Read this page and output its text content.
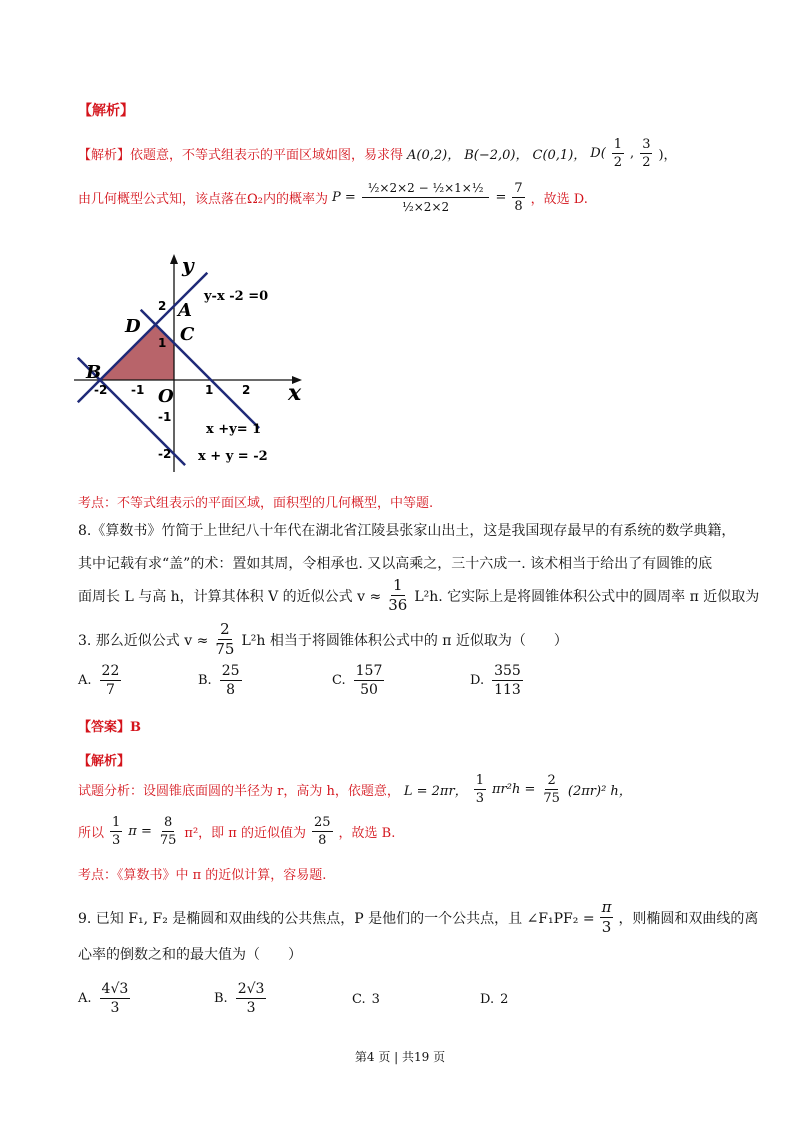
【解析】
【解析】依题意，不等式组表示的平面区域如图，易求得 A(0,2)， B(−2,0)， C(0,1)， $D( \frac{1}{2}$ , $\frac{3}{2}$ )，
由几何概型公式知，该点落在Ω₂内的概率为 $P = \frac{\text{½×2×2 − ½×1×½}}{\text{½×2×2}} = \frac{7}{8}$ ，故选 D.
y
x
B
D
A
C
O
-2 -1	1 2
2
1
-1
-2
y-x -2 =0
x +y= 1
x + y = -2
考点：不等式组表示的平面区域，面积型的几何概型，中等题.
8.《算数书》竹简于上世纪八十年代在湖北省江陵县张家山出土，这是我国现存最早的有系统的数学典籍，
其中记载有求“盖”的术：置如其周，令相承也. 又以高乘之，三十六成一. 该术相当于给出了有圆锥的底
面周长 L 与高 h，计算其体积 V 的近似公式 $v \approx \frac{1}{36} L^2h$. 它实际上是将圆锥体积公式中的圆周率 π 近似取为
3. 那么近似公式 $v \approx \frac{2}{75} L^2h$ 相当于将圆锥体积公式中的 π 近似取为（　　）
A. $\frac{22}{7}$	B. $\frac{25}{8}$	C. $\frac{157}{50}$	D. $\frac{355}{113}$
【答案】B
【解析】
试题分析：设圆锥底面圆的半径为 r，高为 h，依题意， L = 2πr， $\frac{1}{3} \pi r^2h = \frac{2}{75} (2\pi r)^2$ h，
所以 $\frac{1}{3}$ $\pi = \frac{8}{75} \pi^2$，即 π 的近似值为 $\frac{25}{8}$ ，故选 B.
考点：《算数书》中 π 的近似计算，容易题.
9. 已知 F₁, F₂ 是椭圆和双曲线的公共焦点，P 是他们的一个公共点，且 ∠F₁PF₂ = $\frac{\pi}{3}$ ，则椭圆和双曲线的离
心率的倒数之和的最大值为（　　）
A. $\frac{4√3}{3}$	B. $\frac{2√3}{3}$	C. 3	D. 2
第4 页 | 共19 页
